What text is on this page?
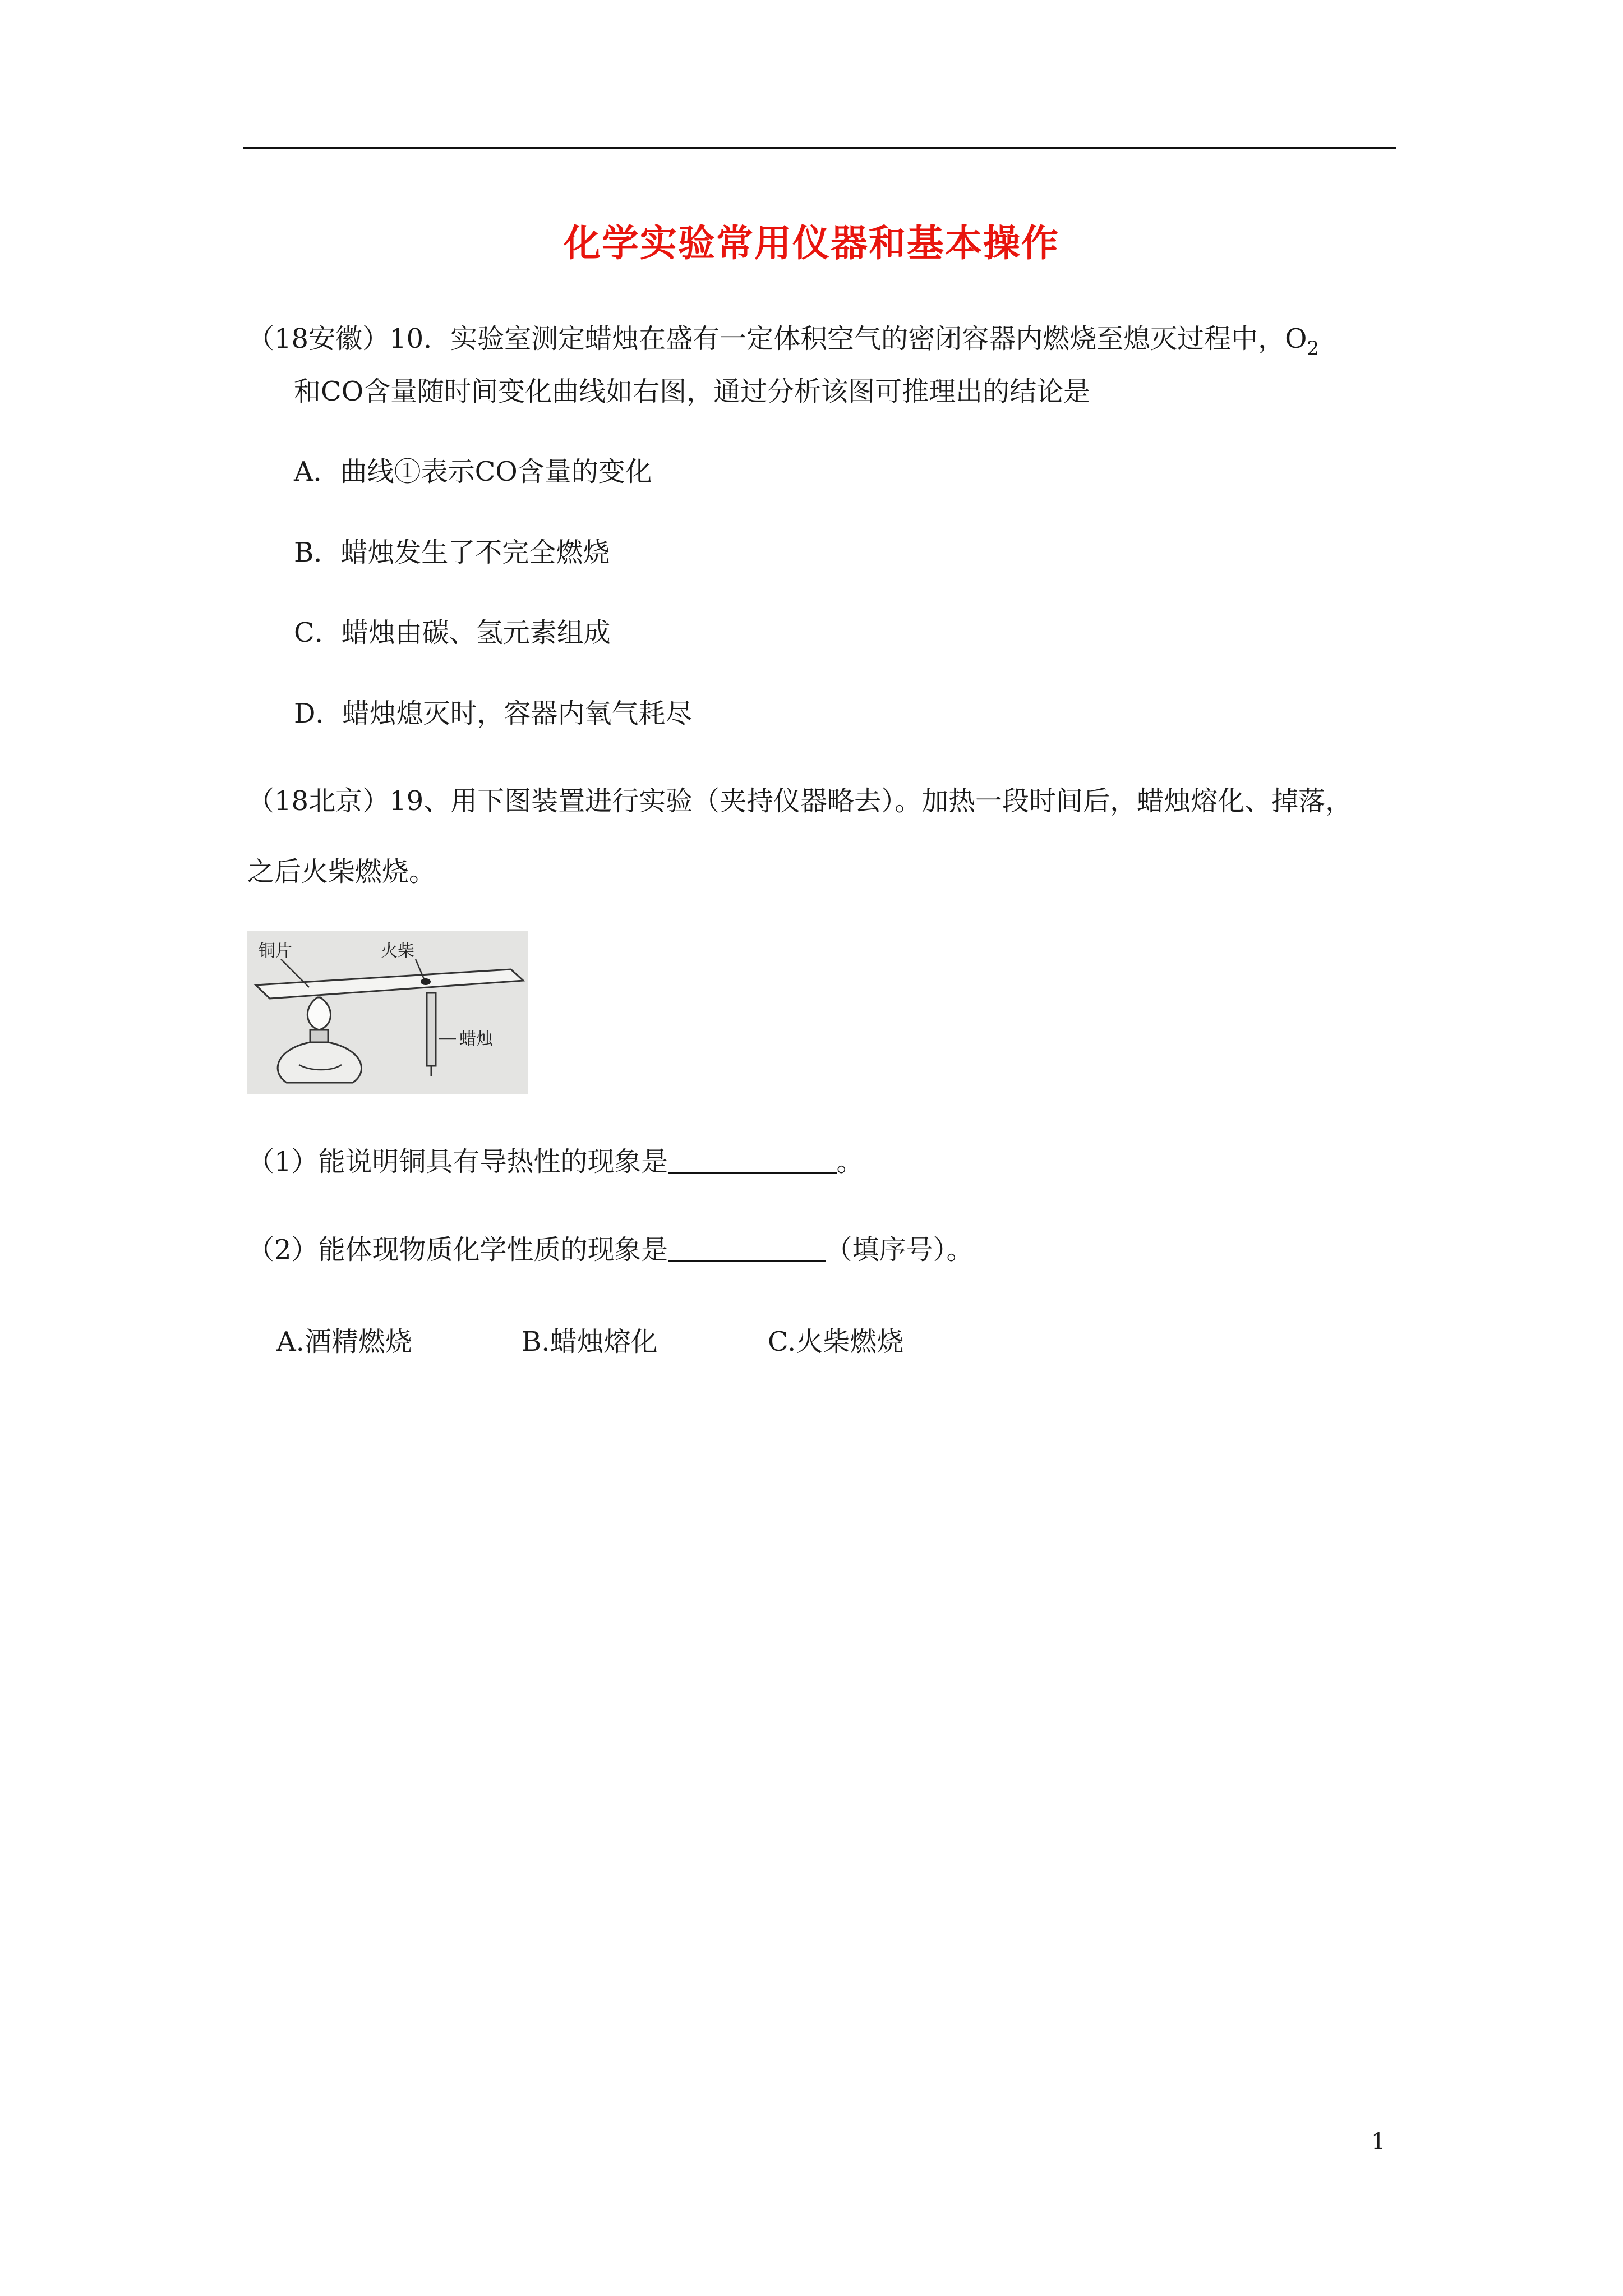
化学实验常用仪器和基本操作
（18安徽）10．实验室测定蜡烛在盛有一定体积空气的密闭容器内燃烧至熄灭过程中，$O_2$
和CO含量随时间变化曲线如右图，通过分析该图可推理出的结论是
A．曲线①表示CO含量的变化
B．蜡烛发生了不完全燃烧
C．蜡烛由碳、氢元素组成
D．蜡烛熄灭时，容器内氧气耗尽
（18北京）19、用下图装置进行实验（夹持仪器略去）。加热一段时间后，蜡烛熔化、掉落，
之后火柴燃烧。
铜片	火柴
蜡烛
（1）能说明铜具有导热性的现象是	。
（2）能体现物质化学性质的现象是	（填序号）。
A.酒精燃烧	B.蜡烛熔化	C.火柴燃烧
1
